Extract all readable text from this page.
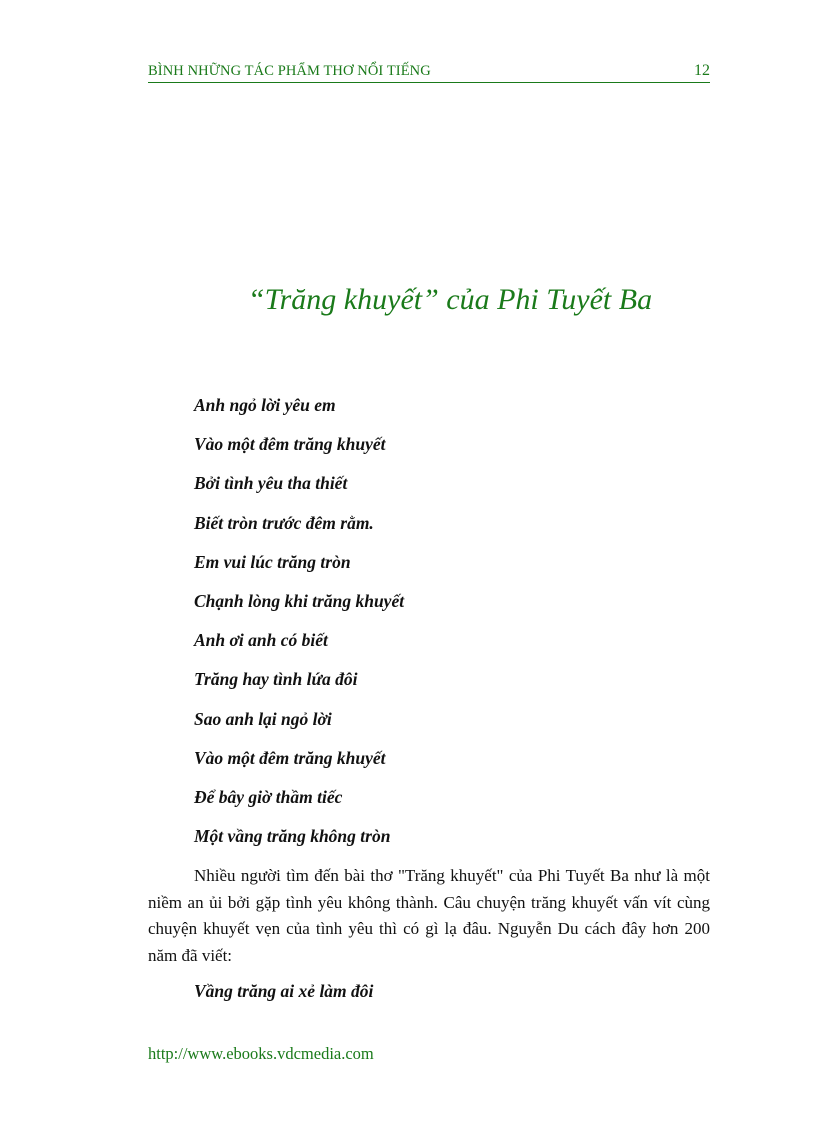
BÌNH NHỮNG TÁC PHẨM THƠ NỔI TIẾNG	12
“Trăng khuyết” của Phi Tuyết Ba
Anh ngỏ lời yêu em
Vào một đêm trăng khuyết
Bởi tình yêu tha thiết
Biết tròn trước đêm rằm.
Em vui lúc trăng tròn
Chạnh lòng khi trăng khuyết
Anh ơi anh có biết
Trăng hay tình lứa đôi
Sao anh lại ngỏ lời
Vào một đêm trăng khuyết
Để bây giờ thầm tiếc
Một vầng trăng không tròn

Nhiều người tìm đến bài thơ "Trăng khuyết" của Phi Tuyết Ba như là một niềm an ủi bởi gặp tình yêu không thành. Câu chuyện trăng khuyết vấn vít cùng chuyện khuyết vẹn của tình yêu thì có gì lạ đâu. Nguyễn Du cách đây hơn 200 năm đã viết:

Vầng trăng ai xẻ làm đôi

http://www.ebooks.vdcmedia.com
